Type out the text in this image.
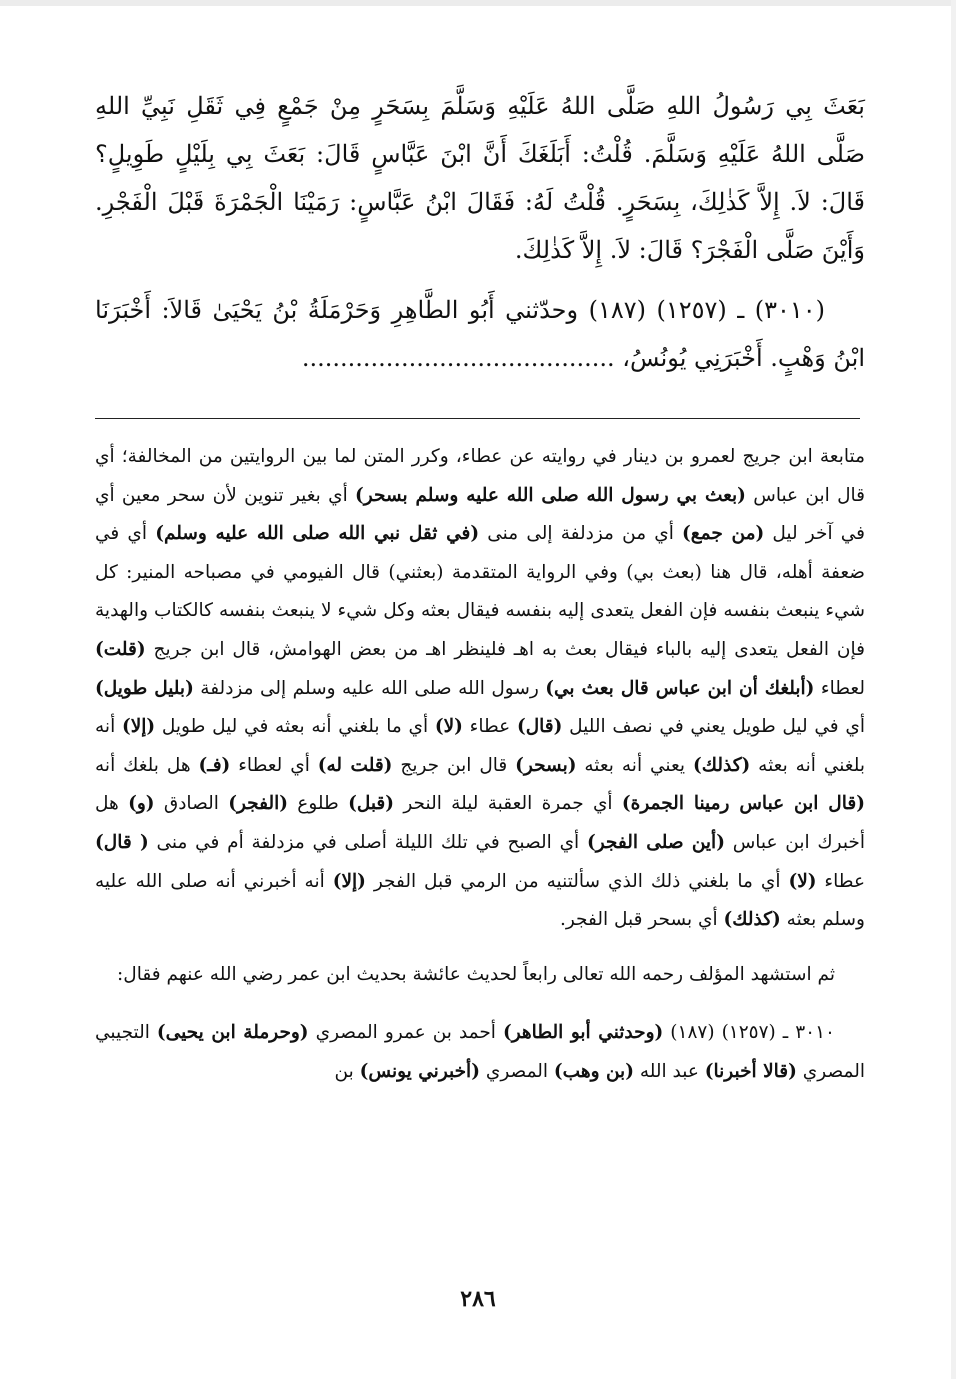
بَعَثَ بِي رَسُولُ اللهِ صَلَّى اللهُ عَلَيْهِ وَسَلَّمَ بِسَحَرٍ مِنْ جَمْعٍ فِي ثَقَلِ نَبِيِّ اللهِ صَلَّى اللهُ عَلَيْهِ وَسَلَّمَ. قُلْتُ: أَبَلَغَكَ أَنَّ ابْنَ عَبَّاسٍ قَالَ: بَعَثَ بِي بِلَيْلٍ طَوِيلٍ؟ قَالَ: لاَ. إِلاَّ كَذٰلِكَ، بِسَحَرٍ. قُلْتُ لَهُ: فَقَالَ ابْنُ عَبَّاسٍ: رَمَيْنَا الْجَمْرَةَ قَبْلَ الْفَجْرِ. وَأَيْنَ صَلَّى الْفَجْرَ؟ قَالَ: لاَ. إِلاَّ كَذٰلِكَ.

(٣٠١٠) ـ (١٢٥٧) (١٨٧) وحدّثني أَبُو الطَّاهِرِ وَحَرْمَلَةُ بْنُ يَحْيَىٰ قَالاَ: أَخْبَرَنَا ابْنُ وَهْبٍ. أَخْبَرَنِي يُونُسُ، .........................................

متابعة ابن جريج لعمرو بن دينار في روايته عن عطاء، وكرر المتن لما بين الروايتين من المخالفة؛ أي قال ابن عباس (بعث بي رسول الله صلى الله عليه وسلم بسحر) أي بغير تنوين لأن سحر معين أي في آخر ليل (من جمع) أي من مزدلفة إلى منى (في ثقل نبي الله صلى الله عليه وسلم) أي في ضعفة أهله، قال هنا (بعث بي) وفي الرواية المتقدمة (بعثني) قال الفيومي في مصباحه المنير: كل شيء ينبعث بنفسه فإن الفعل يتعدى إليه بنفسه فيقال بعثه وكل شيء لا ينبعث بنفسه كالكتاب والهدية فإن الفعل يتعدى إليه بالباء فيقال بعث به اهـ فلينظر اهـ من بعض الهوامش، قال ابن جريج (قلت) لعطاء (أبلغك أن ابن عباس قال بعث بي) رسول الله صلى الله عليه وسلم إلى مزدلفة (بليل طويل) أي في ليل طويل يعني في نصف الليل (قال) عطاء (لا) أي ما بلغني أنه بعثه في ليل طويل (إلا) أنه بلغني أنه بعثه (كذلك) يعني أنه بعثه (بسحر) قال ابن جريج (قلت له) أي لعطاء (فـ) هل بلغك أنه (قال ابن عباس رمينا الجمرة) أي جمرة العقبة ليلة النحر (قبل) طلوع (الفجر) الصادق (و) هل أخبرك ابن عباس (أين صلى الفجر) أي الصبح في تلك الليلة أصلى في مزدلفة أم في منى ( قال) عطاء (لا) أي ما بلغني ذلك الذي سألتنيه من الرمي قبل الفجر (إلا) أنه أخبرني أنه صلى الله عليه وسلم بعثه (كذلك) أي بسحر قبل الفجر.

ثم استشهد المؤلف رحمه الله تعالى رابعاً لحديث عائشة بحديث ابن عمر رضي الله عنهم فقال:

٣٠١٠ ـ (١٢٥٧) (١٨٧) (وحدثني أبو الطاهر) أحمد بن عمرو المصري (وحرملة ابن يحيى) التجيبي المصري (قالا أخبرنا) عبد الله (بن وهب) المصري (أخبرني يونس) بن

٢٨٦
